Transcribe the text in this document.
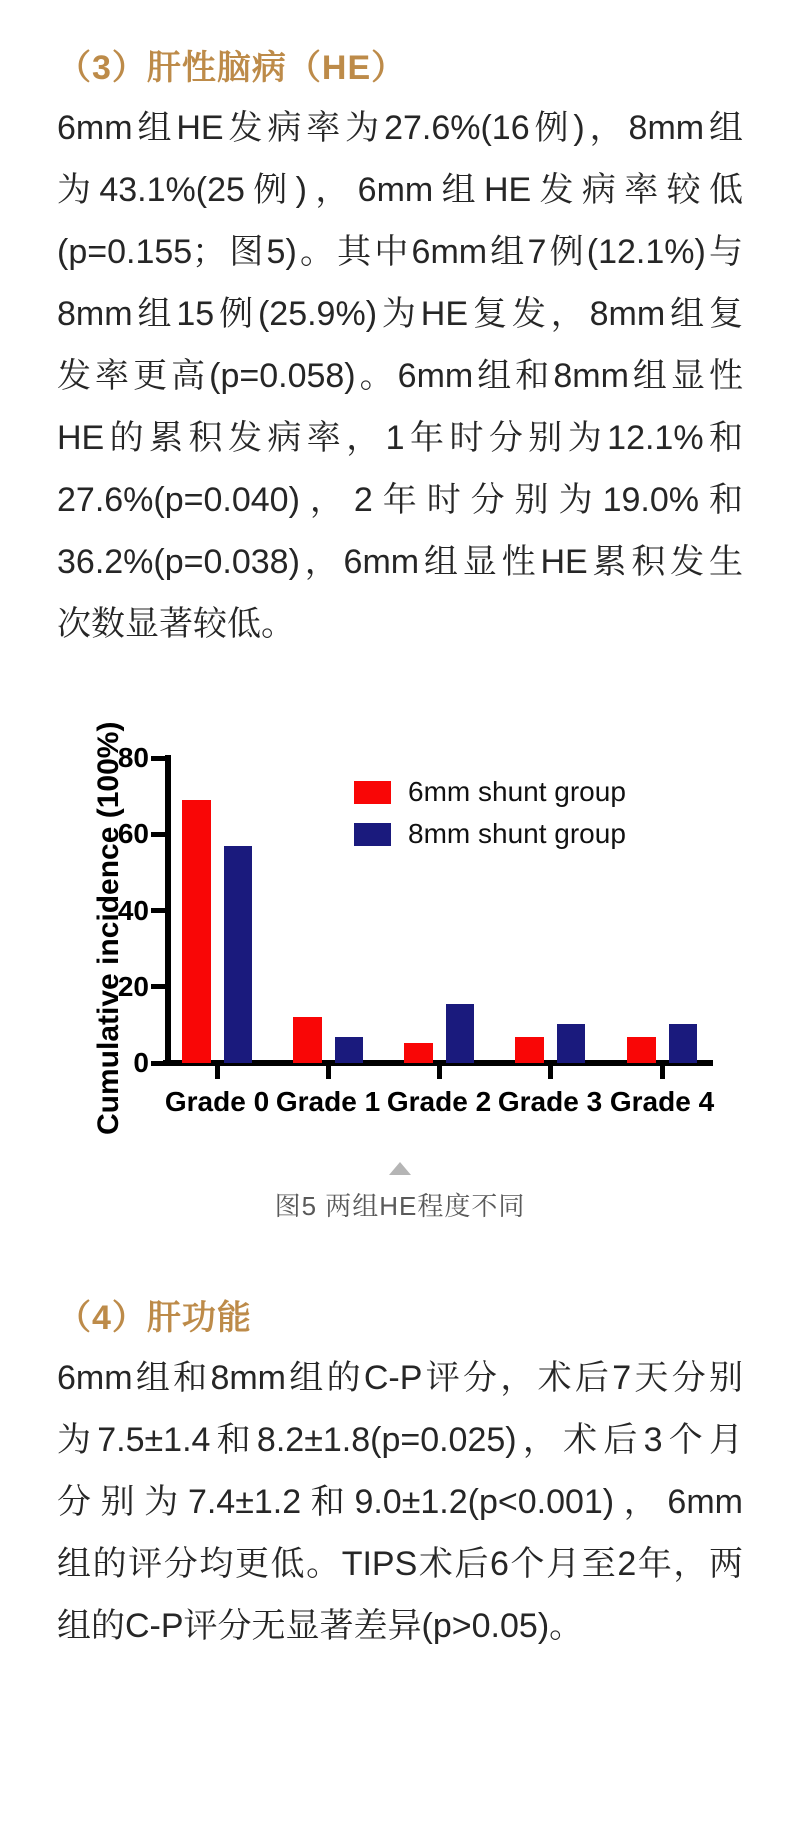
（3）肝性脑病（HE）
6mm组HE发病率为27.6%(16例)，8mm组
为43.1%(25例)，6mm组HE发病率较低
(p=0.155；图5)。其中6mm组7例(12.1%)与
8mm组15例(25.9%)为HE复发，8mm组复
发率更高(p=0.058)。6mm组和8mm组显性
HE的累积发病率，1年时分别为12.1%和
27.6%(p=0.040)，2年时分别为19.0%和
36.2%(p=0.038)，6mm组显性HE累积发生
次数显著较低。
Cumulative incidence (100%)	6mm shunt group
8mm shunt group
0
20
40
60
80
Grade 0 Grade 1 Grade 2 Grade 3 Grade 4
图5 两组HE程度不同
（4）肝功能
6mm组和8mm组的C-P评分，术后7天分别
为7.5±1.4和8.2±1.8(p=0.025)，术后3个月
分别为7.4±1.2和9.0±1.2(p<0.001)，6mm
组的评分均更低。TIPS术后6个月至2年，两
组的C-P评分无显著差异(p>0.05)。
